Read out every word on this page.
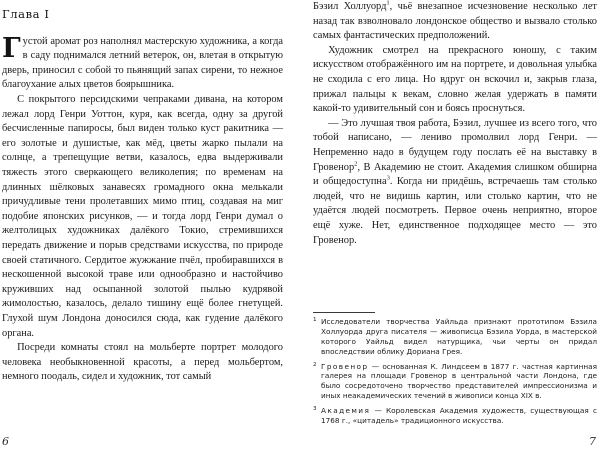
Глава I

Густой аромат роз наполнял мастерскую художника, а когда в саду поднимался летний ветерок, он, влетая в открытую дверь, приносил с собой то пьянящий запах сирени, то нежное благоухание алых цветов боярышника.

С покрытого персидскими чепраками дивана, на котором лежал лорд Генри Уоттон, куря, как всегда, одну за другой бесчисленные папиросы, был виден только куст ракитника — его золотые и душистые, как мёд, цветы жарко пылали на солнце, а трепещущие ветви, казалось, едва выдерживали тяжесть этого сверкающего великолепия; по временам на длинных шёлковых занавесях громадного окна мелькали причудливые тени пролетавших мимо птиц, создавая на миг подобие японских рисунков, — и тогда лорд Генри думал о желтолицых художниках далёкого Токио, стремившихся передать движение и порыв средствами искусства, по природе своей статичного. Сердитое жужжание пчёл, пробиравшихся в нескошенной высокой траве или однообразно и настойчиво круживших над осыпанной золотой пылью кудрявой жимолостью, казалось, делало тишину ещё более гнетущей. Глухой шум Лондона доносился сюда, как гудение далёкого органа.

Посреди комнаты стоял на мольберте портрет молодого человека необыкновенной красоты, а перед мольбертом, немного поодаль, сидел и художник, тот самый

6

Бэзил Холлуорд$^1$, чьё внезапное исчезновение несколько лет назад так взволновало лондонское общество и вызвало столько самых фантастических предположений.

Художник смотрел на прекрасного юношу, с таким искусством отображённого им на портрете, и довольная улыбка не сходила с его лица. Но вдруг он вскочил и, закрыв глаза, прижал пальцы к векам, словно желая удержать в памяти какой-то удивительный сон и боясь проснуться.

— Это лучшая твоя работа, Бэзил, лучшее из всего того, что тобой написано, — лениво промолвил лорд Генри. — Непременно надо в будущем году послать её на выставку в Гровенор$^2$, В Академию не стоит. Академия слишком обширна и общедоступна$^3$. Когда ни придёшь, встречаешь там столько людей, что не видишь картин, или столько картин, что не удаётся людей посмотреть. Первое очень неприятно, второе ещё хуже. Нет, единственное подходящее место — это Гровенор.

1 Исследователи творчества Уайльда признают прототипом Бэзила Холлуорда друга писателя — живописца Бэзила Уорда, в мастерской которого Уайльд видел натурщика, чьи черты он придал впоследствии облику Дориана Грея.

2 Гровенор — основанная К. Линдсеем в 1877 г. частная картинная галерея на площади Гровенор в центральной части Лондона, где было сосредоточено творчество представителей импрессионизма и иных неакадемических течений в живописи конца XIX в.

3 Академия — Королевская Академия художеств, существующая с 1768 г., «цитадель» традиционного искусства.

7
